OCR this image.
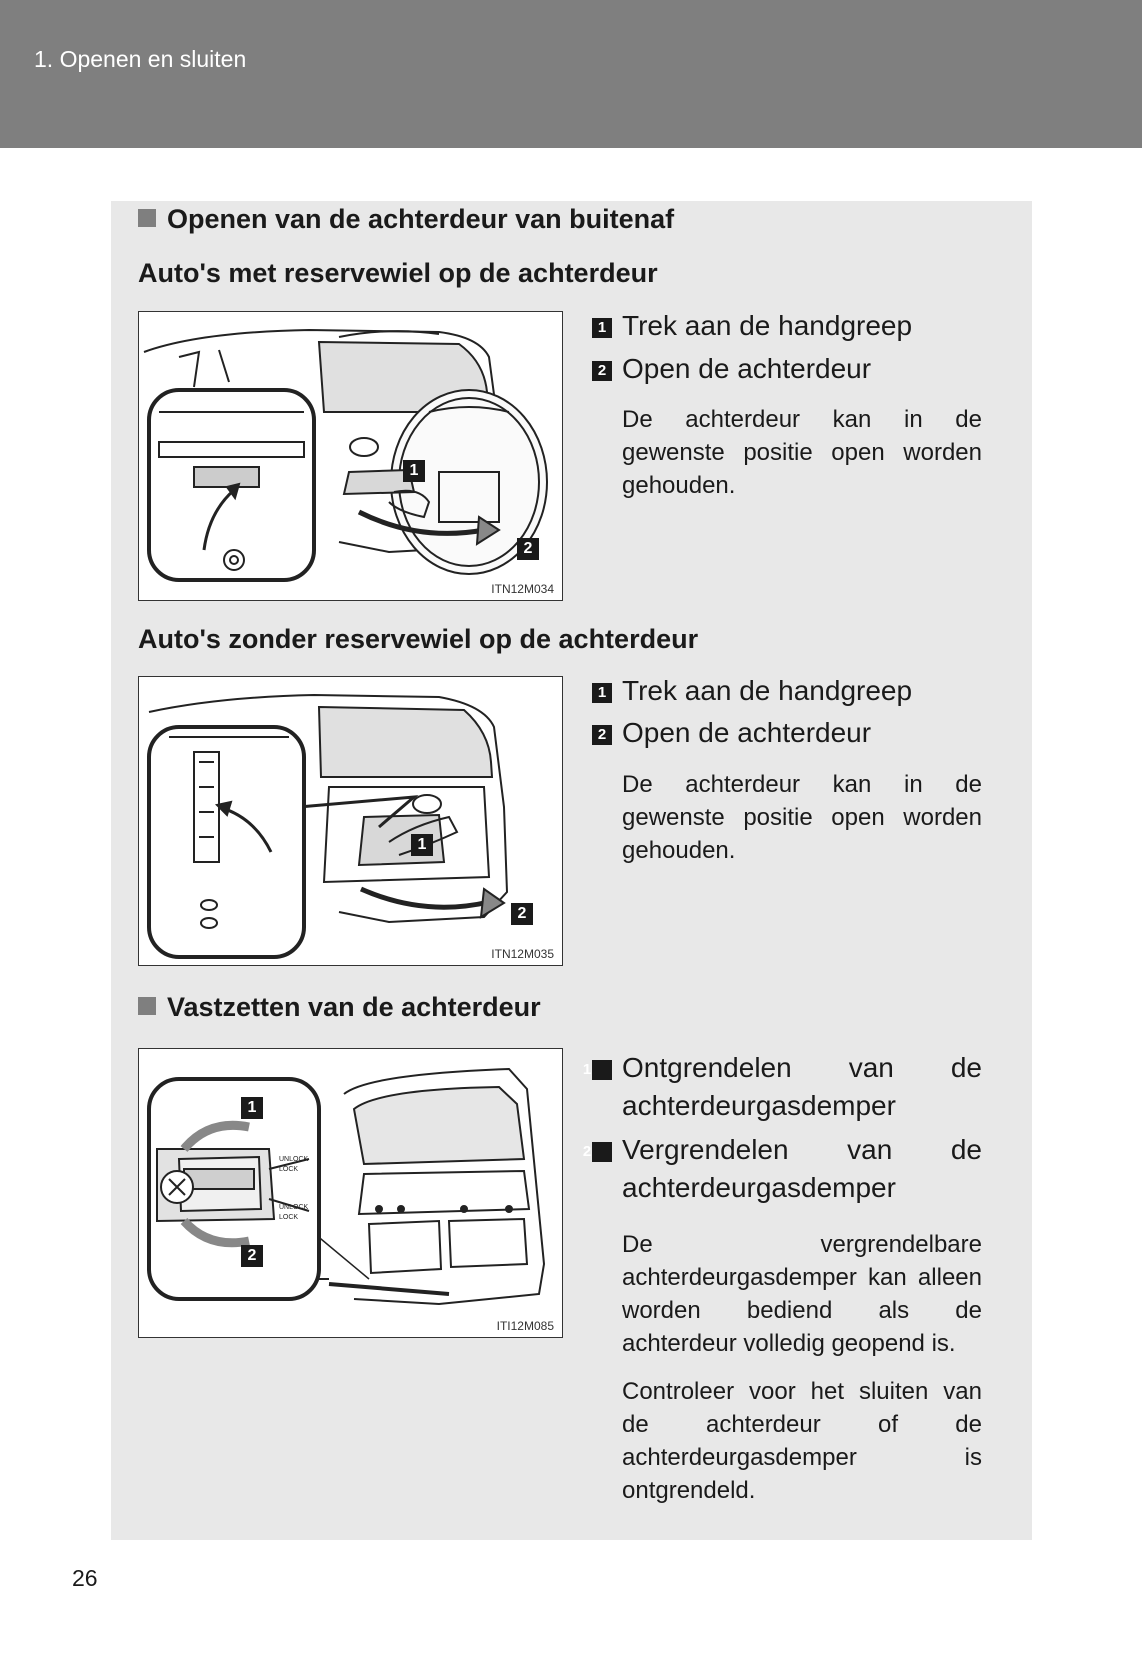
1. Openen en sluiten
Openen van de achterdeur van buitenaf
Auto's met reservewiel op de achterdeur
1
2
ITN12M034
1 Trek aan de handgreep
2 Open de achterdeur
De achterdeur kan in de gewenste positie open worden gehouden.
Auto's zonder reservewiel op de achterdeur
1
2
ITN12M035
1 Trek aan de handgreep
2 Open de achterdeur
De achterdeur kan in de gewenste positie open worden gehouden.
Vastzetten van de achterdeur
UNLOCK
LOCK
UNLOCK
LOCK
1
2
ITI12M085
1 Ontgrendelen van de achterdeurgasdemper
2 Vergrendelen van de achterdeurgasdemper
De vergrendelbare achterdeurgasdemper kan alleen worden bediend als de achterdeur volledig geopend is.
Controleer voor het sluiten van de achterdeur of de achterdeurgasdemper is ontgrendeld.
26
